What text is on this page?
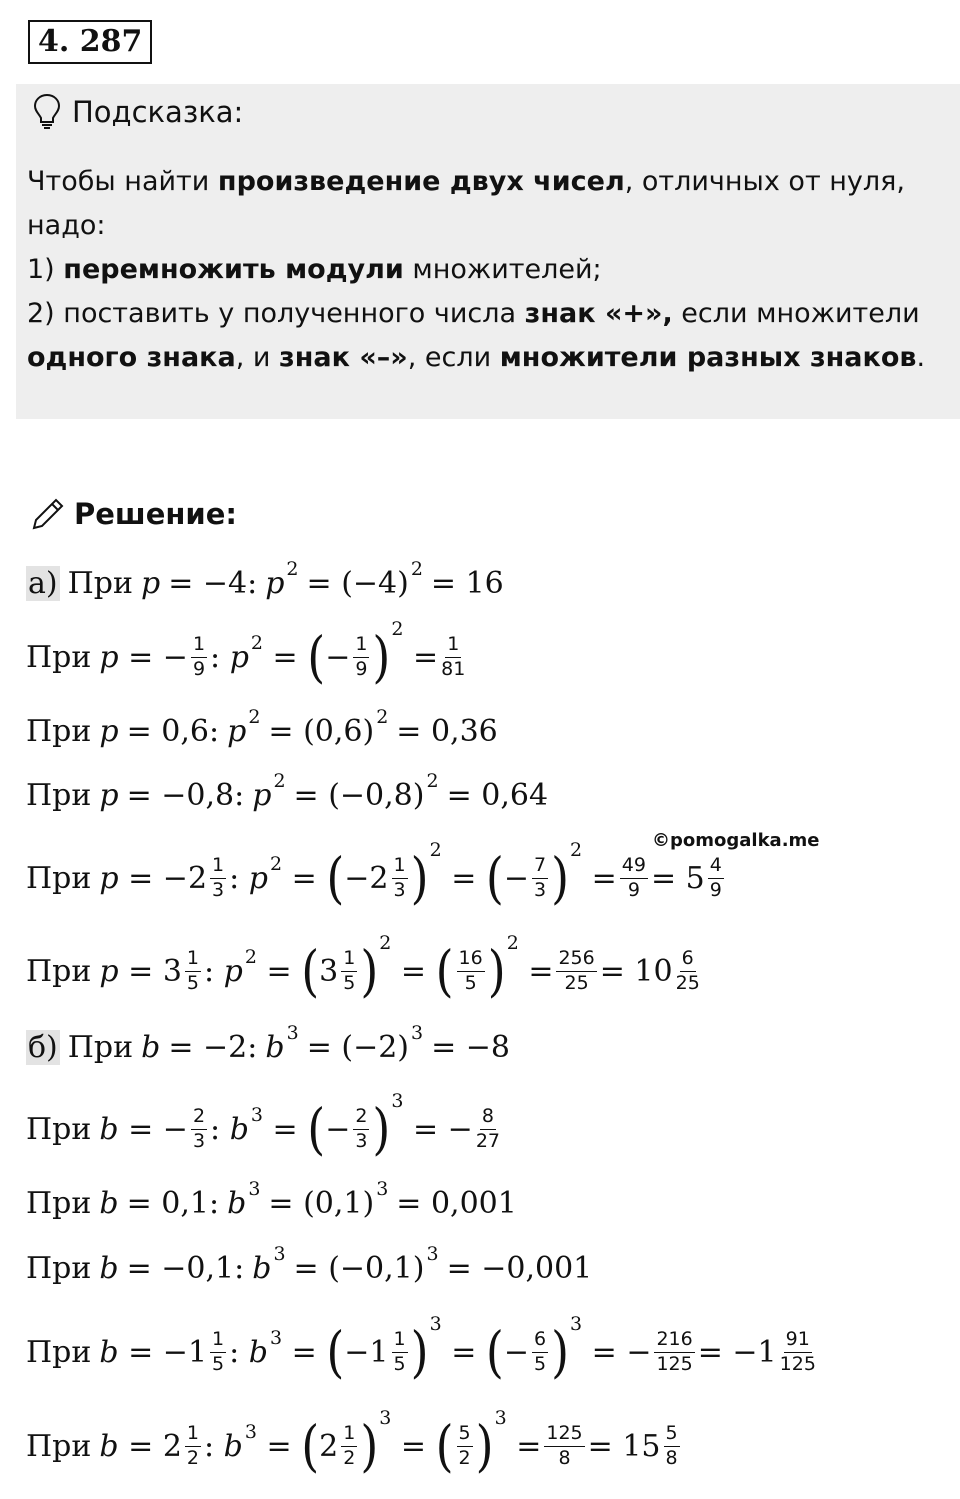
4. 287
Подсказка:
Чтобы найти произведение двух чисел, отличных от нуля, надо:
1) перемножить модули множителей;
2) поставить у полученного числа знак «+», если множители одного знака, и знак «–», если множители разных знаков.
Решение:
а) При p = −4: p 2 = (−4) 2 = 16
При p = − $\frac{1}{9}$ : p 2 = ( − $\frac{1}{9}$ ) 2
= $\frac{1}{81}$
При p = 0,6: p 2 = (0,6) 2 = 0,36
При p = −0,8: p 2 = (−0,8) 2 = 0,64
©pomogalka.me
При p = − $2 \frac{1}{3}$ : p 2 = ( − $2 \frac{1}{3}$ ) 2
= ( − $\frac{7}{3}$ ) 2
= $\frac{49}{9} = 5 \frac{4}{9}$
При $p = 3 \frac{1}{5}$ : p 2 = ( $3 \frac{1}{5}$ ) 2
= ( $\frac{16}{5}$ ) 2
= $\frac{256}{25} = 10 \frac{6}{25}$
б) При b = −2: b 3 = (−2) 3 = −8
При b = − $\frac{2}{3}$ : b 3 = ( − $\frac{2}{3}$ ) 3
= − $\frac{8}{27}$
При b = 0,1: b 3 = (0,1) 3 = 0,001
При b = −0,1: b 3 = (−0,1) 3 = −0,001
При b = − $1 \frac{1}{5}$ : b 3 = ( − $1 \frac{1}{5}$ ) 3
= ( − $\frac{6}{5}$ ) 3
= − $\frac{216}{125}$ = − $1 \frac{91}{125}$
При $b = 2 \frac{1}{2}$ : b 3 = ( $2 \frac{1}{2}$ ) 3
= ( $\frac{5}{2}$ ) 3
= $\frac{125}{8} = 15 \frac{5}{8}$
